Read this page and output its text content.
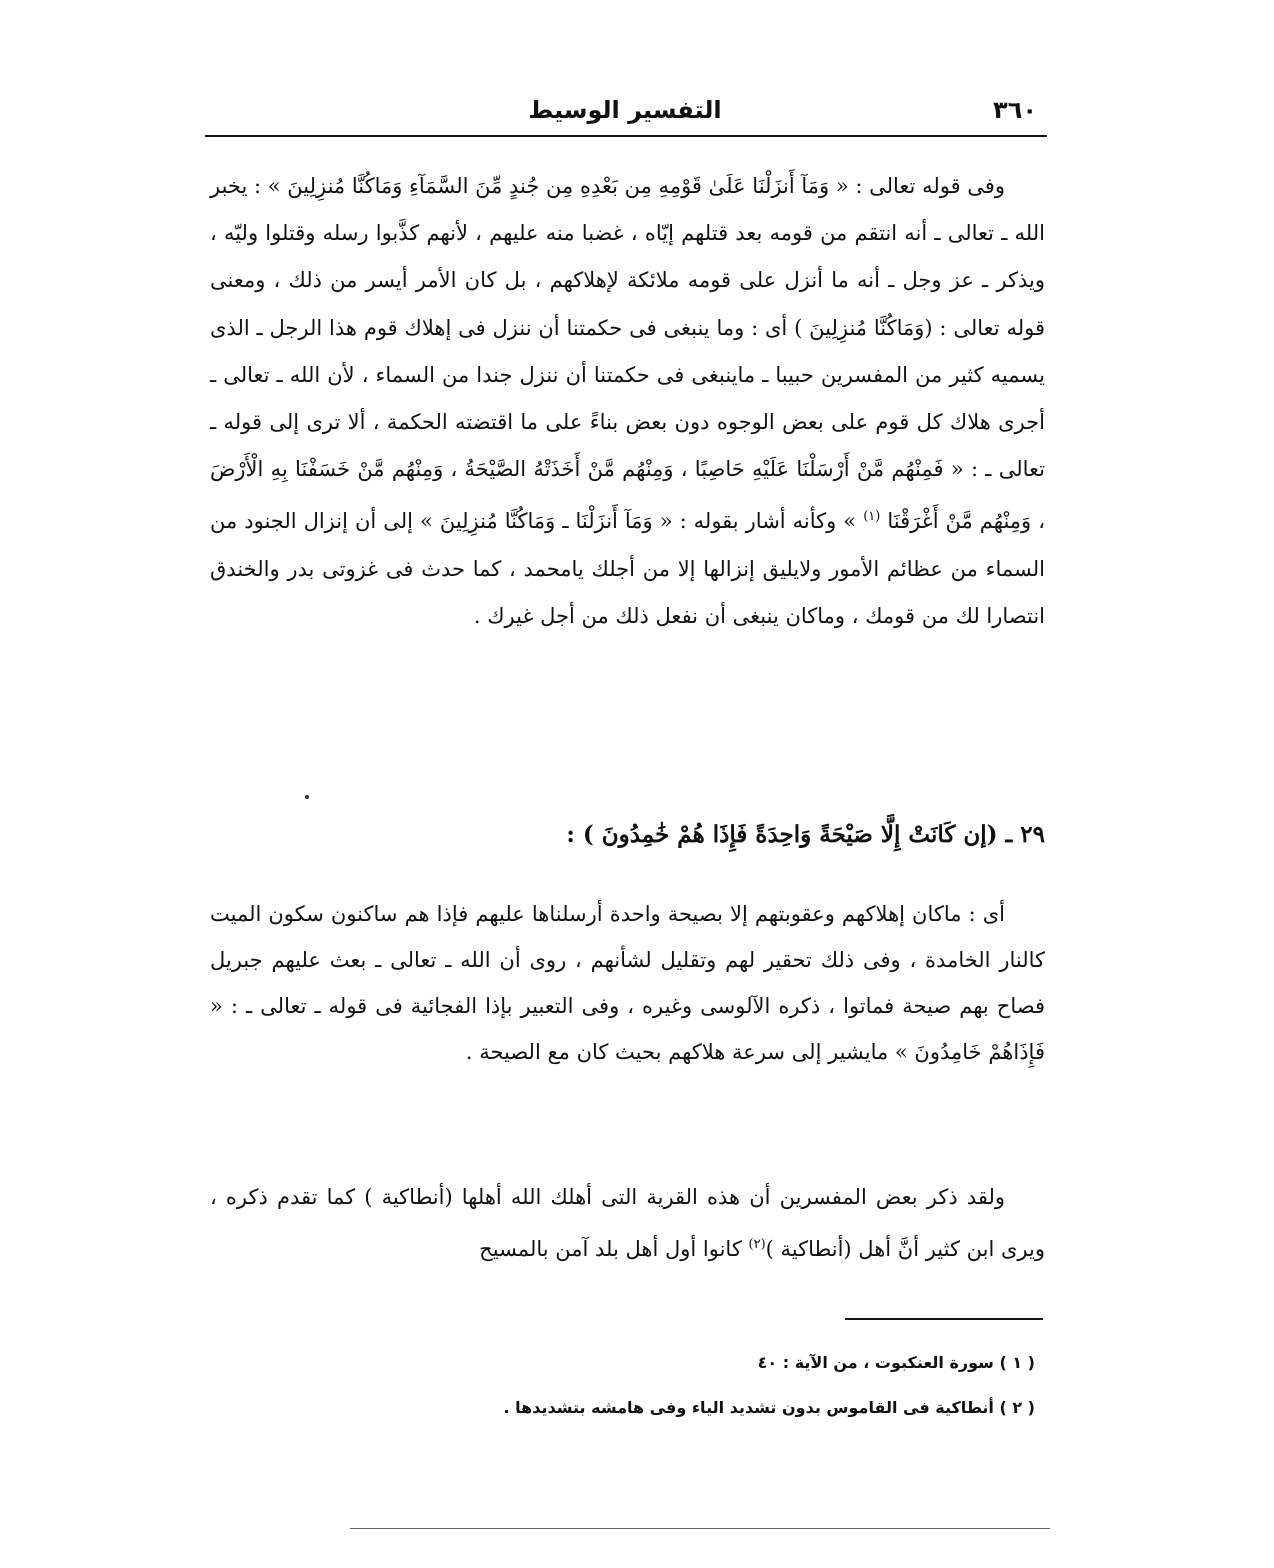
٣٦٠
التفسير الوسيط

وفى قوله تعالى : « وَمَآ أَنزَلْنَا عَلَىٰ قَوْمِهِ مِن بَعْدِهِ مِن جُندٍ مِّنَ السَّمَآءِ وَمَاكُنَّا مُنزِلِينَ » : يخبر الله ـ تعالى ـ أنه انتقم من قومه بعد قتلهم إيّاه ، غضبا منه عليهم ، لأنهم كذَّبوا رسله وقتلوا وليّه ، ويذكر ـ عز وجل ـ أنه ما أنزل على قومه ملائكة لإهلاكهم ، بل كان الأمر أيسر من ذلك ، ومعنى قوله تعالى : (وَمَاكُنَّا مُنزِلِينَ ) أى : وما ينبغى فى حكمتنا أن ننزل فى إهلاك قوم هذا الرجل ـ الذى يسميه كثير من المفسرين حبيبا ـ ماينبغى فى حكمتنا أن ننزل جندا من السماء ، لأن الله ـ تعالى ـ أجرى هلاك كل قوم على بعض الوجوه دون بعض بناءً على ما اقتضته الحكمة ، ألا ترى إلى قوله ـ تعالى ـ : « فَمِنْهُم مَّنْ أَرْسَلْنَا عَلَيْهِ حَاصِبًا ، وَمِنْهُم مَّنْ أَخَذَتْهُ الصَّيْحَةُ ، وَمِنْهُم مَّنْ خَسَفْنَا بِهِ الْأَرْضَ ، وَمِنْهُم مَّنْ أَغْرَقْنَا $^{(١)}$ » وكأنه أشار بقوله : « وَمَآ أَنزَلْنَا ـ وَمَاكُنَّا مُنزِلِينَ » إلى أن إنزال الجنود من السماء من عظائم الأمور ولايليق إنزالها إلا من أجلك يامحمد ، كما حدث فى غزوتى بدر والخندق انتصارا لك من قومك ، وماكان ينبغى أن نفعل ذلك من أجل غيرك .

٢٩ ـ (إن كَانَتْ إِلَّا صَيْحَةً وَاحِدَةً فَإِذَا هُمْ خَٰمِدُونَ ) :

أى : ماكان إهلاكهم وعقوبتهم إلا بصيحة واحدة أرسلناها عليهم فإذا هم ساكنون سكون الميت كالنار الخامدة ، وفى ذلك تحقير لهم وتقليل لشأنهم ، روى أن الله ـ تعالى ـ بعث عليهم جبريل فصاح بهم صيحة فماتوا ، ذكره الآلوسى وغيره ، وفى التعبير بإذا الفجائية فى قوله ـ تعالى ـ : « فَإِذَاهُمْ خَامِدُونَ » مايشير إلى سرعة هلاكهم بحيث كان مع الصيحة .

ولقد ذكر بعض المفسرين أن هذه القرية التى أهلك الله أهلها (أنطاكية ) كما تقدم ذكره ، ويرى ابن كثير أنَّ أهل (أنطاكية )$^{(٢)}$ كانوا أول أهل بلد آمن بالمسيح

( ١ ) سورة العنكبوت ، من الآية : ٤٠
( ٢ ) أنطاكية فى القاموس بدون تشديد الياء وفى هامشه بتشديدها .
